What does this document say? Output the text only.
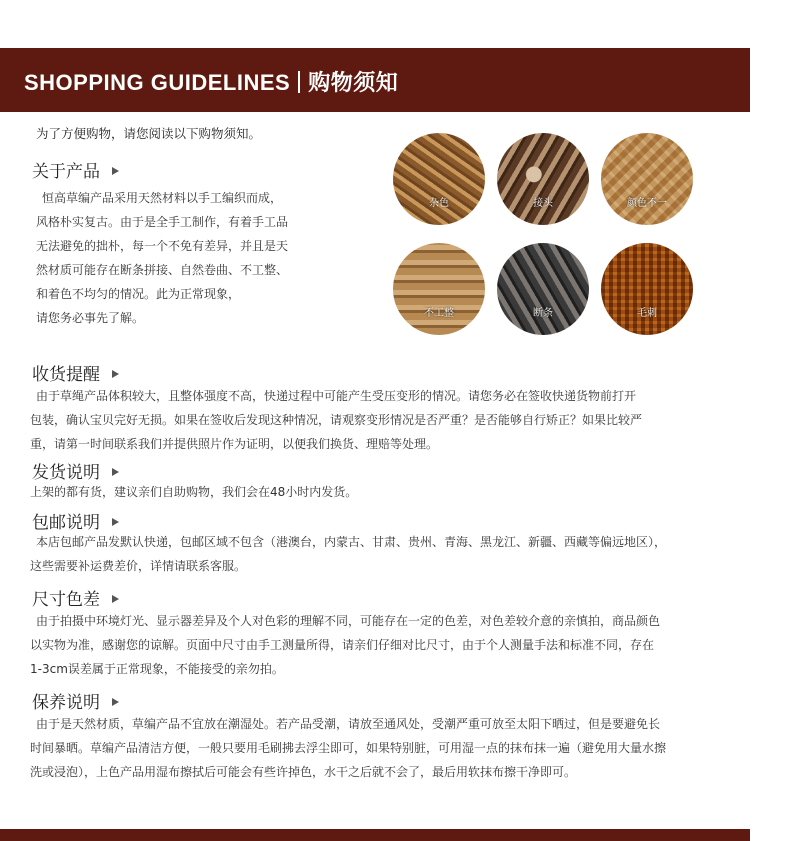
SHOPPING GUIDELINES 购物须知
为了方便购物，请您阅读以下购物须知。
关于产品

恒高草编产品采用天然材料以手工编织而成，

风格朴实复古。由于是全手工制作，有着手工品

无法避免的拙朴，每一个不免有差异，并且是天

然材质可能存在断条拼接、自然卷曲、不工整、

和着色不均匀的情况。此为正常现象，

请您务必事先了解。

杂色	接头	颜色不一
不工整	断条	毛刺
收货提醒

由于草绳产品体积较大，且整体强度不高，快递过程中可能产生受压变形的情况。请您务必在签收快递货物前打开

包装，确认宝贝完好无损。如果在签收后发现这种情况，请观察变形情况是否严重？是否能够自行矫正？如果比较严

重，请第一时间联系我们并提供照片作为证明，以便我们换货、理赔等处理。

发货说明

上架的都有货，建议亲们自助购物，我们会在48小时内发货。

包邮说明

本店包邮产品发默认快递，包邮区域不包含（港澳台，内蒙古、甘肃、贵州、青海、黑龙江、新疆、西藏等偏远地区），

这些需要补运费差价，详情请联系客服。

尺寸色差

由于拍摄中环境灯光、显示器差异及个人对色彩的理解不同，可能存在一定的色差，对色差较介意的亲慎拍，商品颜色

以实物为准，感谢您的谅解。页面中尺寸由手工测量所得，请亲们仔细对比尺寸，由于个人测量手法和标准不同，存在

1-3cm误差属于正常现象，不能接受的亲勿拍。

保养说明

由于是天然材质，草编产品不宜放在潮湿处。若产品受潮，请放至通风处，受潮严重可放至太阳下晒过，但是要避免长

时间暴晒。草编产品清洁方便，一般只要用毛刷拂去浮尘即可，如果特别脏，可用湿一点的抹布抹一遍（避免用大量水擦

洗或浸泡），上色产品用湿布擦拭后可能会有些许掉色，水干之后就不会了，最后用软抹布擦干净即可。
